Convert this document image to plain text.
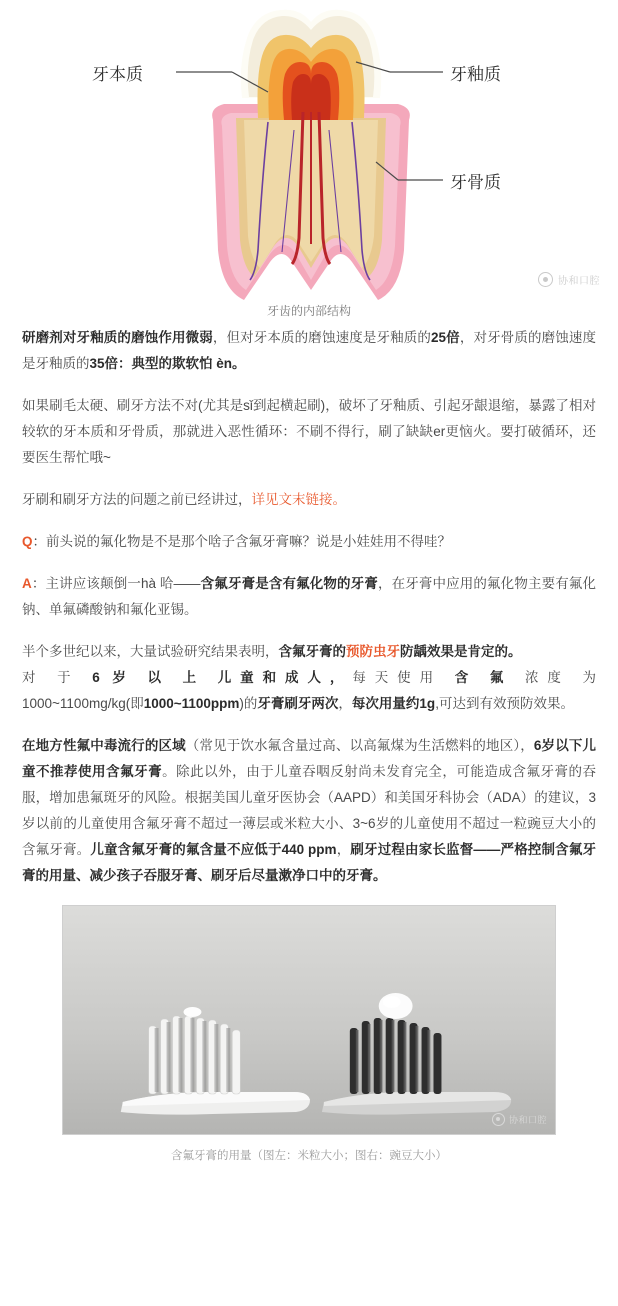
牙本质	牙釉质
牙骨质
协和口腔
牙齿的内部结构

研磨剂对牙釉质的磨蚀作用微弱，但对牙本质的磨蚀速度是牙釉质的25倍，对牙骨质的磨蚀速度是牙釉质的35倍：典型的欺软怕 èn。

如果刷毛太硬、刷牙方法不对(尤其是sǐ到起横起刷)，破坏了牙釉质、引起牙龈退缩，暴露了相对较软的牙本质和牙骨质，那就进入恶性循环：不刷不得行，刷了缺缺er更恼火。要打破循环，还要医生帮忙哦~

牙刷和刷牙方法的问题之前已经讲过，详见文末链接。

Q：前头说的氟化物是不是那个啥子含氟牙膏嘛？说是小娃娃用不得哇？

A：主讲应该颠倒一hà 哈——含氟牙膏是含有氟化物的牙膏，在牙膏中应用的氟化物主要有氟化钠、单氟磷酸钠和氟化亚锡。

半个多世纪以来，大量试验研究结果表明，含氟牙膏的预防虫牙防龋效果是肯定的。

对 于 6 岁 以 上 儿童和成人，每天使用 含 氟 浓度 为

1000~1100mg/kg(即1000~1100ppm)的牙膏刷牙两次，每次用量约1g,可达到有效预防效果。

在地方性氟中毒流行的区域（常见于饮水氟含量过高、以高氟煤为生活燃料的地区），6岁以下儿童不推荐使用含氟牙膏。除此以外，由于儿童吞咽反射尚未发育完全，可能造成含氟牙膏的吞服，增加患氟斑牙的风险。根据美国儿童牙医协会（AAPD）和美国牙科协会（ADA）的建议，3岁以前的儿童使用含氟牙膏不超过一薄层或米粒大小、3~6岁的儿童使用不超过一粒豌豆大小的含氟牙膏。儿童含氟牙膏的氟含量不应低于440 ppm，刷牙过程由家长监督——严格控制含氟牙膏的用量、减少孩子吞服牙膏、刷牙后尽量漱净口中的牙膏。

协和口腔
含氟牙膏的用量（图左：米粒大小；图右：豌豆大小）
